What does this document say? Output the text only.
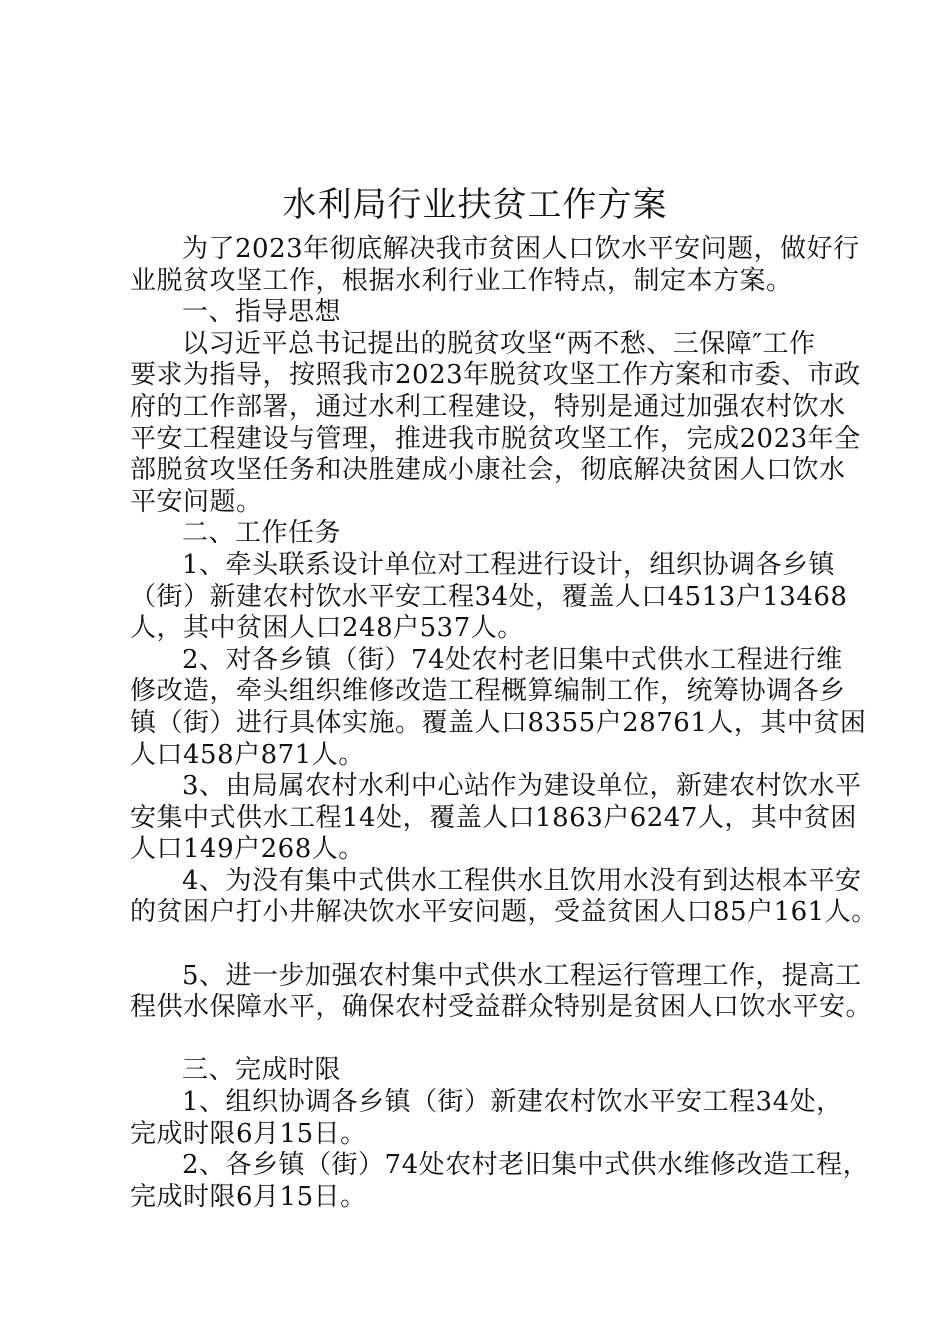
水利局行业扶贫工作方案
为了2023年彻底解决我市贫困人口饮水平安问题，做好行
业脱贫攻坚工作，根据水利行业工作特点，制定本方案。
一、指导思想
以习近平总书记提出的脱贫攻坚“两不愁、三保障″工作
要求为指导，按照我市2023年脱贫攻坚工作方案和市委、市政
府的工作部署，通过水利工程建设，特别是通过加强农村饮水
平安工程建设与管理，推进我市脱贫攻坚工作，完成2023年全
部脱贫攻坚任务和决胜建成小康社会，彻底解决贫困人口饮水
平安问题。
二、工作任务
1、牵头联系设计单位对工程进行设计，组织协调各乡镇
（街）新建农村饮水平安工程34处，覆盖人口4513户13468
人，其中贫困人口248户537人。
2、对各乡镇（街）74处农村老旧集中式供水工程进行维
修改造，牵头组织维修改造工程概算编制工作，统筹协调各乡
镇（街）进行具体实施。覆盖人口8355户28761人，其中贫困
人口458户871人。
3、由局属农村水利中心站作为建设单位，新建农村饮水平
安集中式供水工程14处，覆盖人口1863户6247人，其中贫困
人口149户268人。
4、为没有集中式供水工程供水且饮用水没有到达根本平安
的贫困户打小井解决饮水平安问题，受益贫困人口85户161人。
5、进一步加强农村集中式供水工程运行管理工作，提高工
程供水保障水平，确保农村受益群众特别是贫困人口饮水平安。
三、完成时限
1、组织协调各乡镇（街）新建农村饮水平安工程34处，
完成时限6月15日。
2、各乡镇（街）74处农村老旧集中式供水维修改造工程，
完成时限6月15日。
